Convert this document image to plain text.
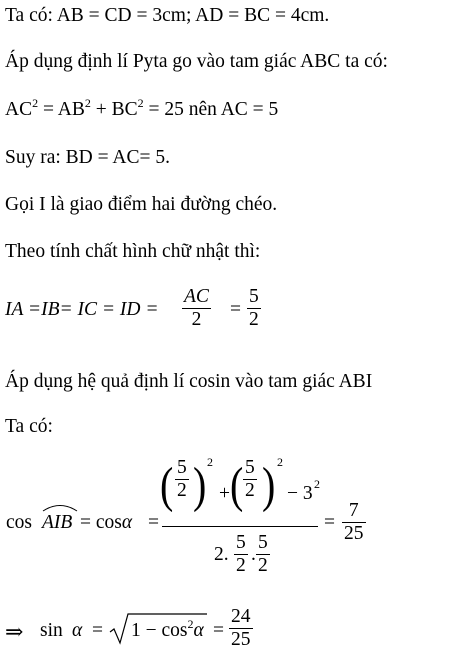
Ta có: AB = CD = 3cm; AD = BC = 4cm.
Áp dụng định lí Pyta go vào tam giác ABC ta có:
$AC^2 = AB^2 + BC^2 = 25$ nên AC = 5
Suy ra: BD = AC= 5.
Gọi I là giao điểm hai đường chéo.
Theo tính chất hình chữ nhật thì:
IA =IB= IC = ID = $\frac{AC}{2} = \frac{5}{2}$
Áp dụng hệ quả định lí cosin vào tam giác ABI
Ta có:
cos AIB = cosα =
( $\frac{5}{2}$ ) 2
+ ( $\frac{5}{2}$ ) 2
− 3 2
2. $\frac{5}{2}$ . $\frac{5}{2}$
= $\frac{7}{25}$
⇒ $\sin \alpha = 1 - \cos^2\alpha = \frac{24}{25}$
